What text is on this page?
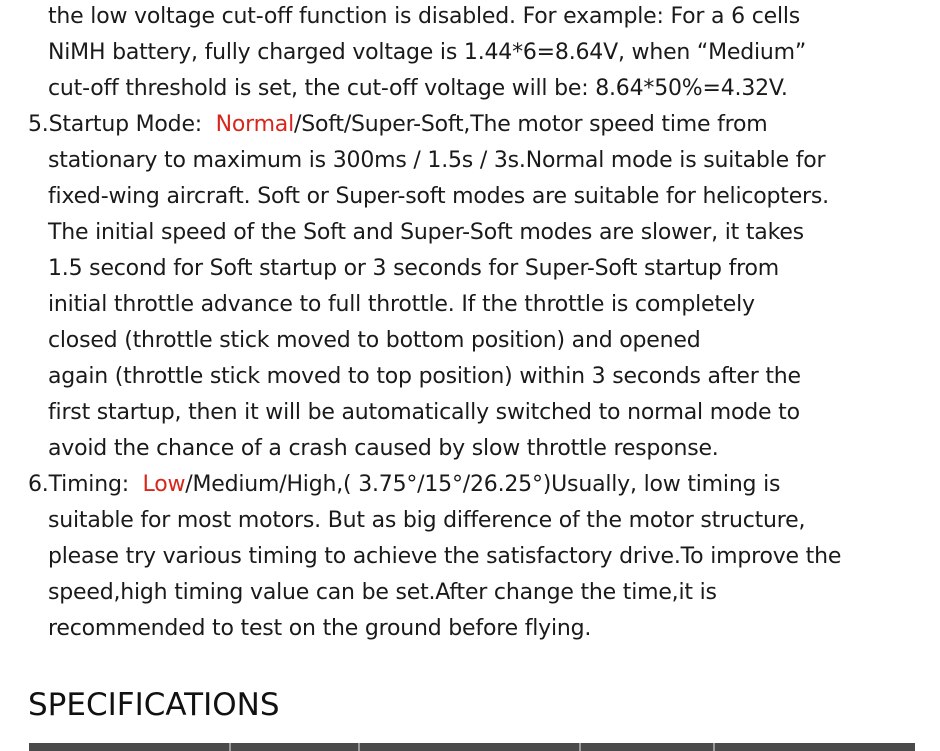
the low voltage cut-off function is disabled. For example: For a 6 cells
NiMH battery, fully charged voltage is 1.44*6=8.64V, when “Medium”
cut-off threshold is set, the cut-off voltage will be: 8.64*50%=4.32V.
5.Startup Mode: Normal/Soft/Super-Soft,The motor speed time from
stationary to maximum is 300ms / 1.5s / 3s.Normal mode is suitable for
fixed-wing aircraft. Soft or Super-soft modes are suitable for helicopters.
The initial speed of the Soft and Super-Soft modes are slower, it takes
1.5 second for Soft startup or 3 seconds for Super-Soft startup from
initial throttle advance to full throttle. If the throttle is completely
closed (throttle stick moved to bottom position) and opened
again (throttle stick moved to top position) within 3 seconds after the
first startup, then it will be automatically switched to normal mode to
avoid the chance of a crash caused by slow throttle response.
6.Timing: Low/Medium/High,( 3.75°/15°/26.25°)Usually, low timing is
suitable for most motors. But as big difference of the motor structure,
please try various timing to achieve the satisfactory drive.To improve the
speed,high timing value can be set.After change the time,it is
recommended to test on the ground before flying.
SPECIFICATIONS
